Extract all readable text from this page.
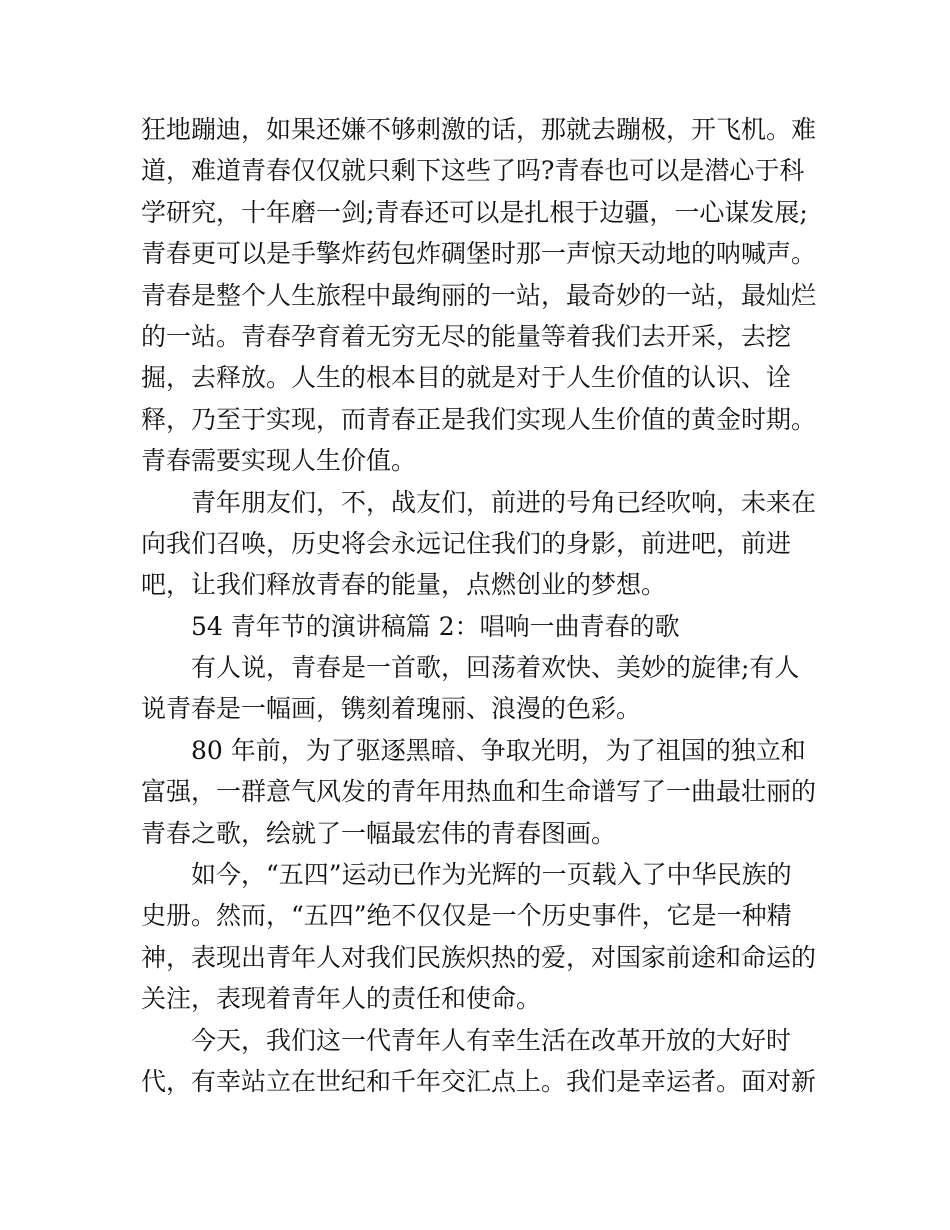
狂地蹦迪，如果还嫌不够刺激的话，那就去蹦极，开飞机。难
道，难道青春仅仅就只剩下这些了吗?青春也可以是潜心于科
学研究，十年磨一剑;青春还可以是扎根于边疆，一心谋发展;
青春更可以是手擎炸药包炸碉堡时那一声惊天动地的呐喊声。
青春是整个人生旅程中最绚丽的一站，最奇妙的一站，最灿烂
的一站。青春孕育着无穷无尽的能量等着我们去开采，去挖
掘，去释放。人生的根本目的就是对于人生价值的认识、诠
释，乃至于实现，而青春正是我们实现人生价值的黄金时期。
青春需要实现人生价值。
青年朋友们，不，战友们，前进的号角已经吹响，未来在
向我们召唤，历史将会永远记住我们的身影，前进吧，前进
吧，让我们释放青春的能量，点燃创业的梦想。
54 青年节的演讲稿篇 2：唱响一曲青春的歌
有人说，青春是一首歌，回荡着欢快、美妙的旋律;有人
说青春是一幅画，镌刻着瑰丽、浪漫的色彩。
80 年前，为了驱逐黑暗、争取光明，为了祖国的独立和
富强，一群意气风发的青年用热血和生命谱写了一曲最壮丽的
青春之歌，绘就了一幅最宏伟的青春图画。
如今，“五四”运动已作为光辉的一页载入了中华民族的
史册。然而，“五四”绝不仅仅是一个历史事件，它是一种精
神，表现出青年人对我们民族炽热的爱，对国家前途和命运的
关注，表现着青年人的责任和使命。
今天，我们这一代青年人有幸生活在改革开放的大好时
代，有幸站立在世纪和千年交汇点上。我们是幸运者。面对新
